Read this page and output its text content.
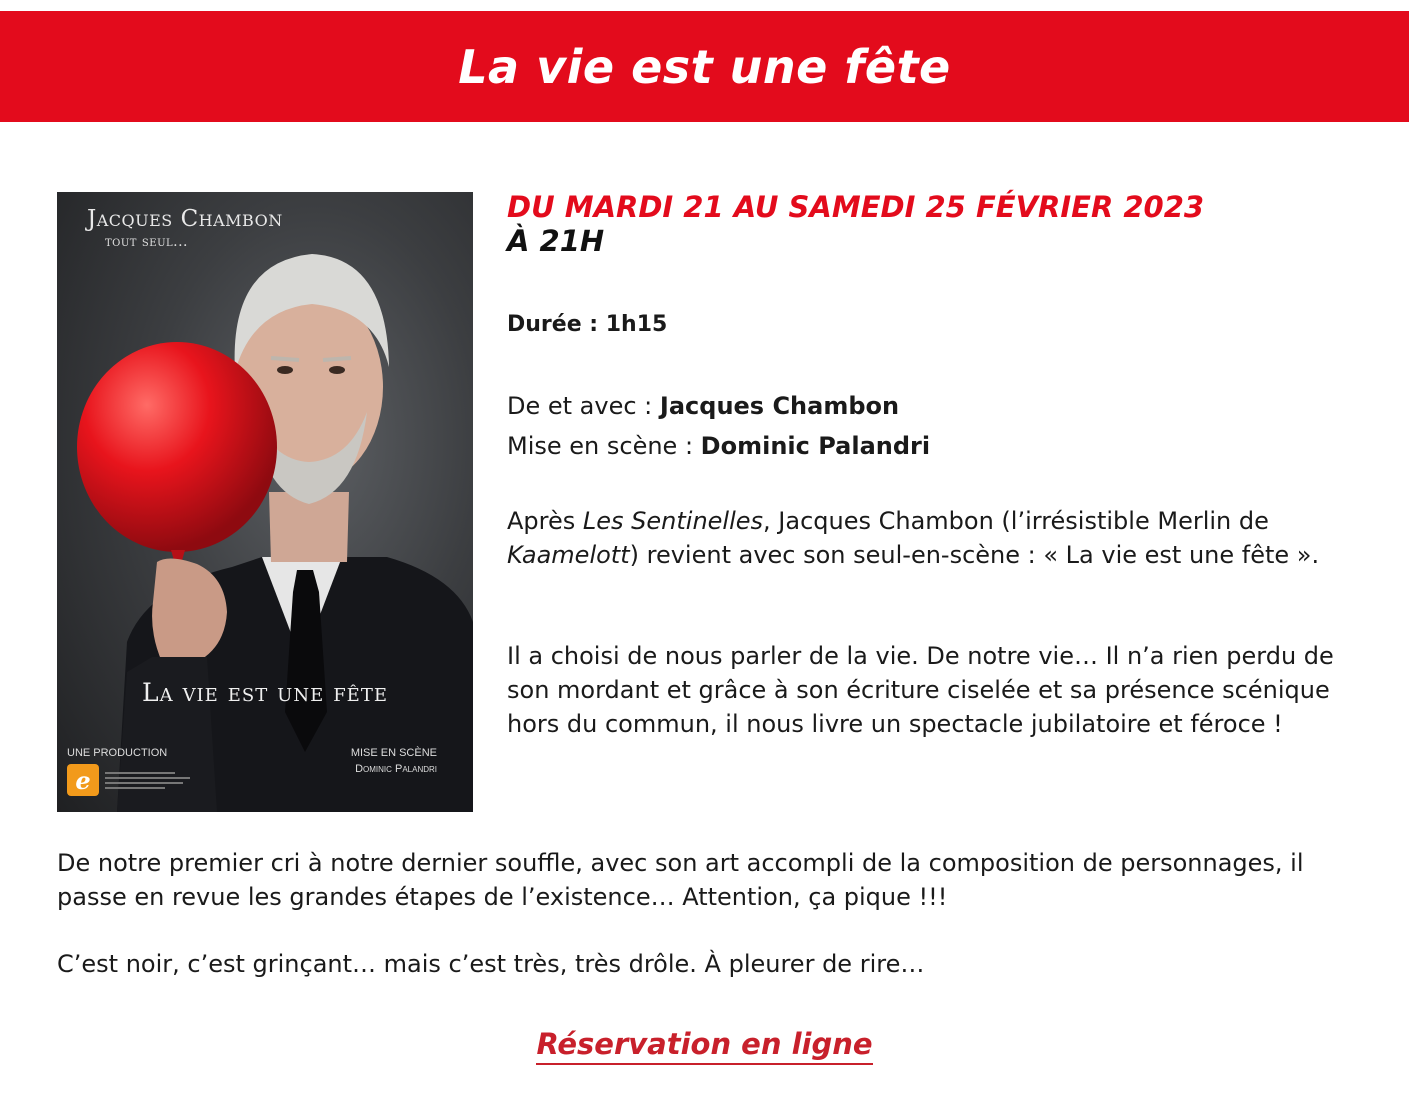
La vie est une fête
Jacques Chambon
tout seul...
La vie est une fête
UNE PRODUCTION	MISE EN SCÈNE
Dominic Palandri
e

DU MARDI 21 AU SAMEDI 25 FÉVRIER 2023

À 21H

Durée : 1h15
De et avec : Jacques Chambon
Mise en scène : Dominic Palandri

Après Les Sentinelles, Jacques Chambon (l’irrésistible Merlin de Kaamelott) revient avec son seul-en-scène : « La vie est une fête ».

Il a choisi de nous parler de la vie. De notre vie… Il n’a rien perdu de son mordant et grâce à son écriture ciselée et sa présence scénique hors du commun, il nous livre un spectacle jubilatoire et féroce !

De notre premier cri à notre dernier souffle, avec son art accompli de la composition de personnages, il passe en revue les grandes étapes de l’existence… Attention, ça pique !!!

C’est noir, c’est grinçant… mais c’est très, très drôle. À pleurer de rire…

Réservation en ligne
